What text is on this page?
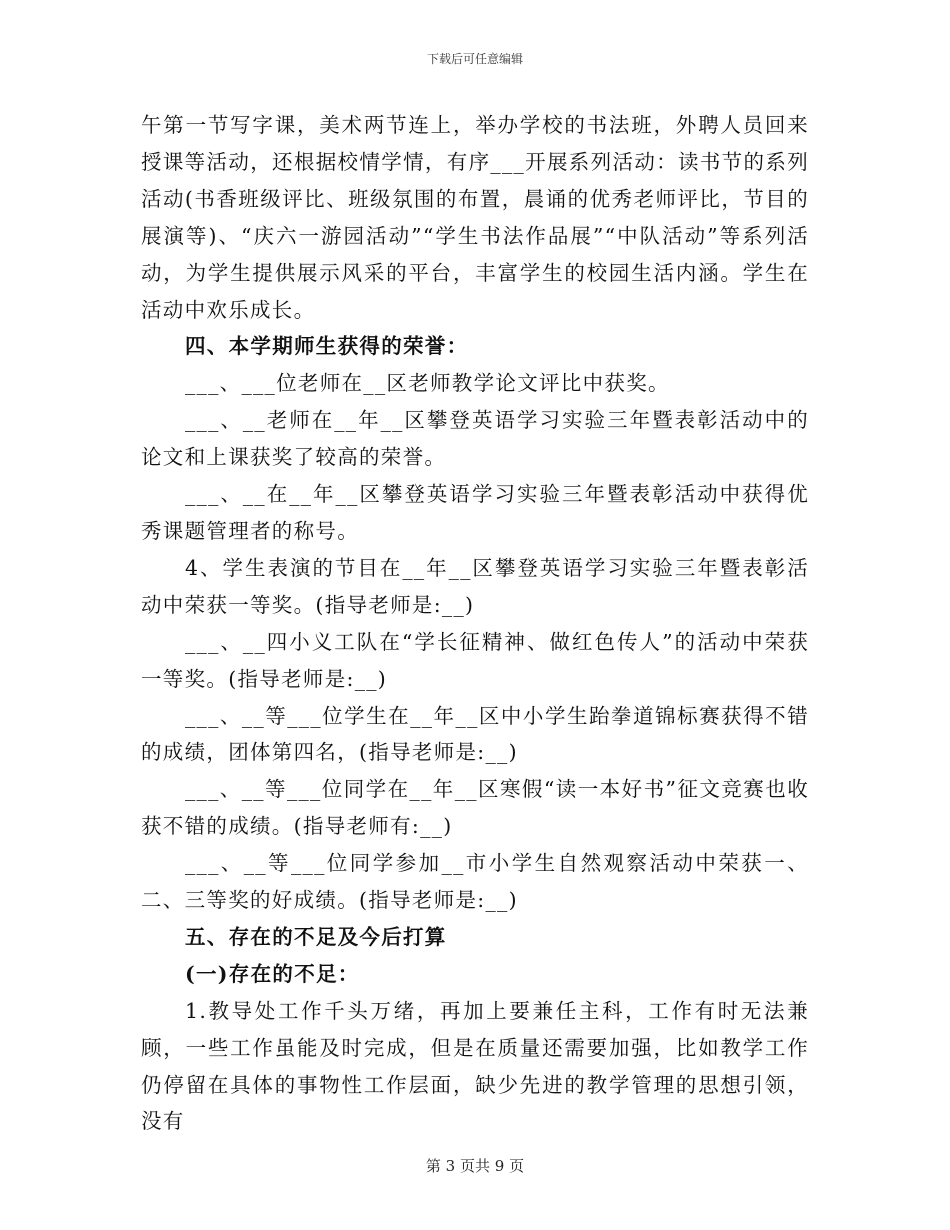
下载后可任意编辑

午第一节写字课，美术两节连上，举办学校的书法班，外聘人员回来授课等活动，还根据校情学情，有序___开展系列活动：读书节的系列活动(书香班级评比、班级氛围的布置，晨诵的优秀老师评比，节目的展演等)、“庆六一游园活动”“学生书法作品展”“中队活动”等系列活动，为学生提供展示风采的平台，丰富学生的校园生活内涵。学生在活动中欢乐成长。

四、本学期师生获得的荣誉：

___、___位老师在__区老师教学论文评比中获奖。

___、__老师在__年__区攀登英语学习实验三年暨表彰活动中的论文和上课获奖了较高的荣誉。

___、__在__年__区攀登英语学习实验三年暨表彰活动中获得优秀课题管理者的称号。

4、学生表演的节目在__年__区攀登英语学习实验三年暨表彰活动中荣获一等奖。(指导老师是:__)

___、__四小义工队在“学长征精神、做红色传人”的活动中荣获一等奖。(指导老师是:__)

___、__等___位学生在__年__区中小学生跆拳道锦标赛获得不错的成绩，团体第四名，(指导老师是:__)

___、__等___位同学在__年__区寒假“读一本好书”征文竞赛也收获不错的成绩。(指导老师有:__)

___、__等___位同学参加__市小学生自然观察活动中荣获一、二、三等奖的好成绩。(指导老师是:__)

五、存在的不足及今后打算

(一)存在的不足：

1.教导处工作千头万绪，再加上要兼任主科，工作有时无法兼顾，一些工作虽能及时完成，但是在质量还需要加强，比如教学工作仍停留在具体的事物性工作层面，缺少先进的教学管理的思想引领，没有

第 3 页共 9 页
